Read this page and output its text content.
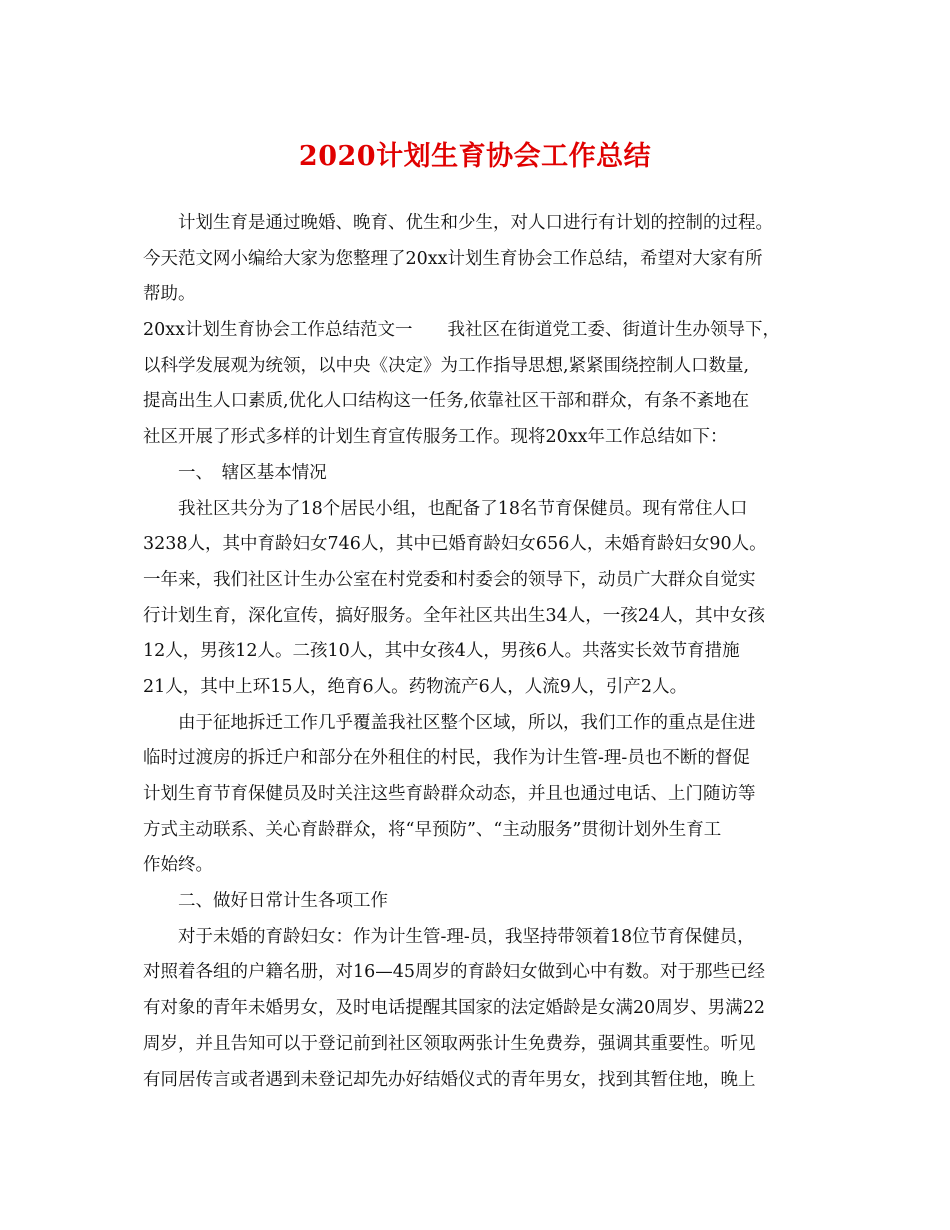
2020计划生育协会工作总结
计划生育是通过晚婚、晚育、优生和少生，对人口进行有计划的控制的过程。
今天范文网小编给大家为您整理了20xx计划生育协会工作总结，希望对大家有所
帮助。
20xx计划生育协会工作总结范文一　　我社区在街道党工委、街道计生办领导下，
以科学发展观为统领，以中央《决定》为工作指导思想,紧紧围绕控制人口数量,
提高出生人口素质,优化人口结构这一任务,依靠社区干部和群众，有条不紊地在
社区开展了形式多样的计划生育宣传服务工作。现将20xx年工作总结如下：
一、　辖区基本情况
我社区共分为了18个居民小组，也配备了18名节育保健员。现有常住人口
3238人，其中育龄妇女746人，其中已婚育龄妇女656人，未婚育龄妇女90人。
一年来，我们社区计生办公室在村党委和村委会的领导下，动员广大群众自觉实
行计划生育，深化宣传，搞好服务。全年社区共出生34人，一孩24人，其中女孩
12人，男孩12人。二孩10人，其中女孩4人，男孩6人。共落实长效节育措施
21人，其中上环15人，绝育6人。药物流产6人，人流9人，引产2人。
由于征地拆迁工作几乎覆盖我社区整个区域，所以，我们工作的重点是住进
临时过渡房的拆迁户和部分在外租住的村民，我作为计生管-理-员也不断的督促
计划生育节育保健员及时关注这些育龄群众动态，并且也通过电话、上门随访等
方式主动联系、关心育龄群众，将“早预防”、“主动服务”贯彻计划外生育工
作始终。
二、做好日常计生各项工作
对于未婚的育龄妇女：作为计生管-理-员，我坚持带领着18位节育保健员，
对照着各组的户籍名册，对16—45周岁的育龄妇女做到心中有数。对于那些已经
有对象的青年未婚男女，及时电话提醒其国家的法定婚龄是女满20周岁、男满22
周岁，并且告知可以于登记前到社区领取两张计生免费券，强调其重要性。听见
有同居传言或者遇到未登记却先办好结婚仪式的青年男女，找到其暂住地，晚上
